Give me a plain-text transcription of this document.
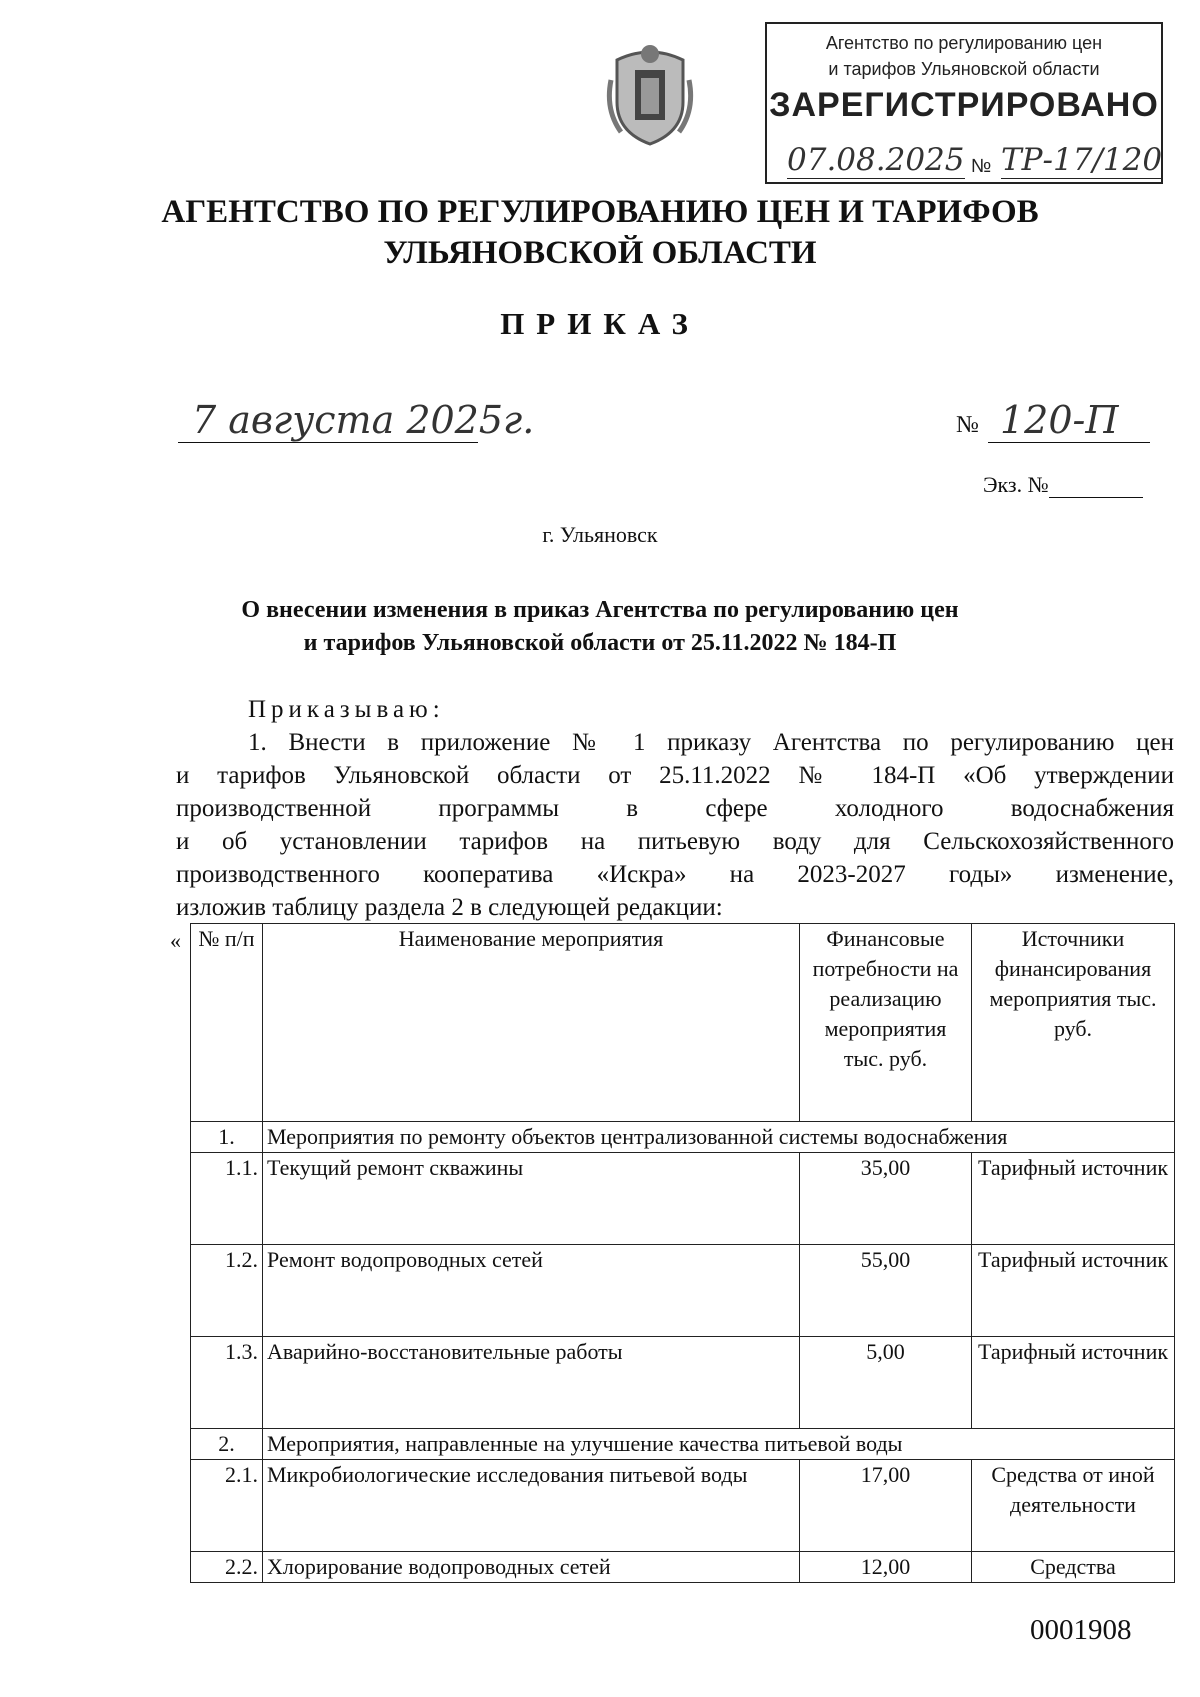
Агентство по регулированию цен
и тарифов Ульяновской области
ЗАРЕГИСТРИРОВАНО
07.08.2025 № ТР-17/120
АГЕНТСТВО ПО РЕГУЛИРОВАНИЮ ЦЕН И ТАРИФОВ
УЛЬЯНОВСКОЙ ОБЛАСТИ
ПРИКАЗ
7 августа 2025г.	№ 120-П
Экз. №
г. Ульяновск
О внесении изменения в приказ Агентства по регулированию цен
и тарифов Ульяновской области от 25.11.2022 № 184-П
Приказываю:
1. Внести в приложение № 1 приказу Агентства по регулированию цен
и тарифов Ульяновской области от 25.11.2022 № 184-П «Об утверждении
производственной программы в сфере холодного водоснабжения
и об установлении тарифов на питьевую воду для Сельскохозяйственного
производственного кооператива «Искра» на 2023-2027 годы» изменение,
изложив таблицу раздела 2 в следующей редакции:
« № п/п	Наименование мероприятия	Финансовые потребности на реализацию мероприятия тыс. руб.	Источники финансирования мероприятия тыс. руб.
1.	Мероприятия по ремонту объектов централизованной системы водоснабжения		
1.1.	Текущий ремонт скважины	35,00	Тарифный источник
1.2.	Ремонт водопроводных сетей	55,00	Тарифный источник
1.3.	Аварийно-восстановительные работы	5,00	Тарифный источник
2.	Мероприятия, направленные на улучшение качества питьевой воды		
2.1.	Микробиологические исследования питьевой воды	17,00	Средства от иной деятельности
2.2.	Хлорирование водопроводных сетей	12,00	Средства
0001908
